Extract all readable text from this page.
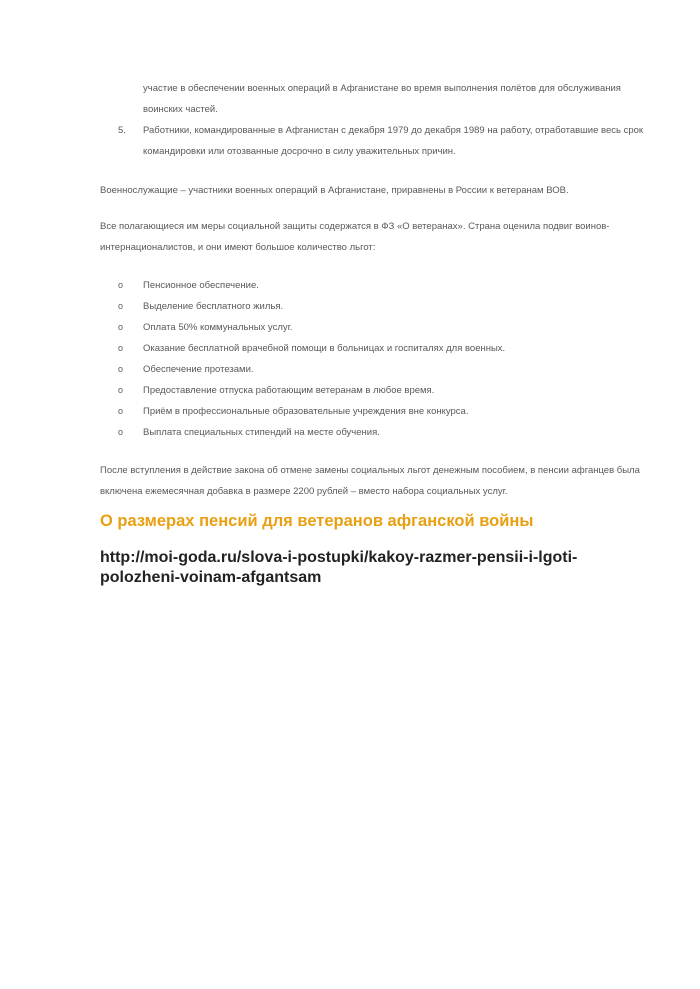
участие в обеспечении военных операций в Афганистане во время выполнения полётов для обслуживания воинских частей.
5.	Работники, командированные в Афганистан с декабря 1979 до декабря 1989 на работу, отработавшие весь срок командировки или отозванные досрочно в силу уважительных причин.

Военнослужащие – участники военных операций в Афганистане, приравнены в России к ветеранам ВОВ.

Все полагающиеся им меры социальной защиты содержатся в ФЗ «О ветеранах». Страна оценила подвиг воинов-интернационалистов, и они имеют большое количество льгот:

o	Пенсионное обеспечение.
o	Выделение бесплатного жилья.
o	Оплата 50% коммунальных услуг.
o	Оказание бесплатной врачебной помощи в больницах и госпиталях для военных.
o	Обеспечение протезами.
o	Предоставление отпуска работающим ветеранам в любое время.
o	Приём в профессиональные образовательные учреждения вне конкурса.
o	Выплата специальных стипендий на месте обучения.

После вступления в действие закона об отмене замены социальных льгот денежным пособием, в пенсии афганцев была включена ежемесячная добавка в размере 2200 рублей – вместо набора социальных услуг.

О размерах пенсий для ветеранов афганской войны
http://moi-goda.ru/slova-i-postupki/kakoy-razmer-pensii-i-lgoti-polozheni-voinam-afgantsam
